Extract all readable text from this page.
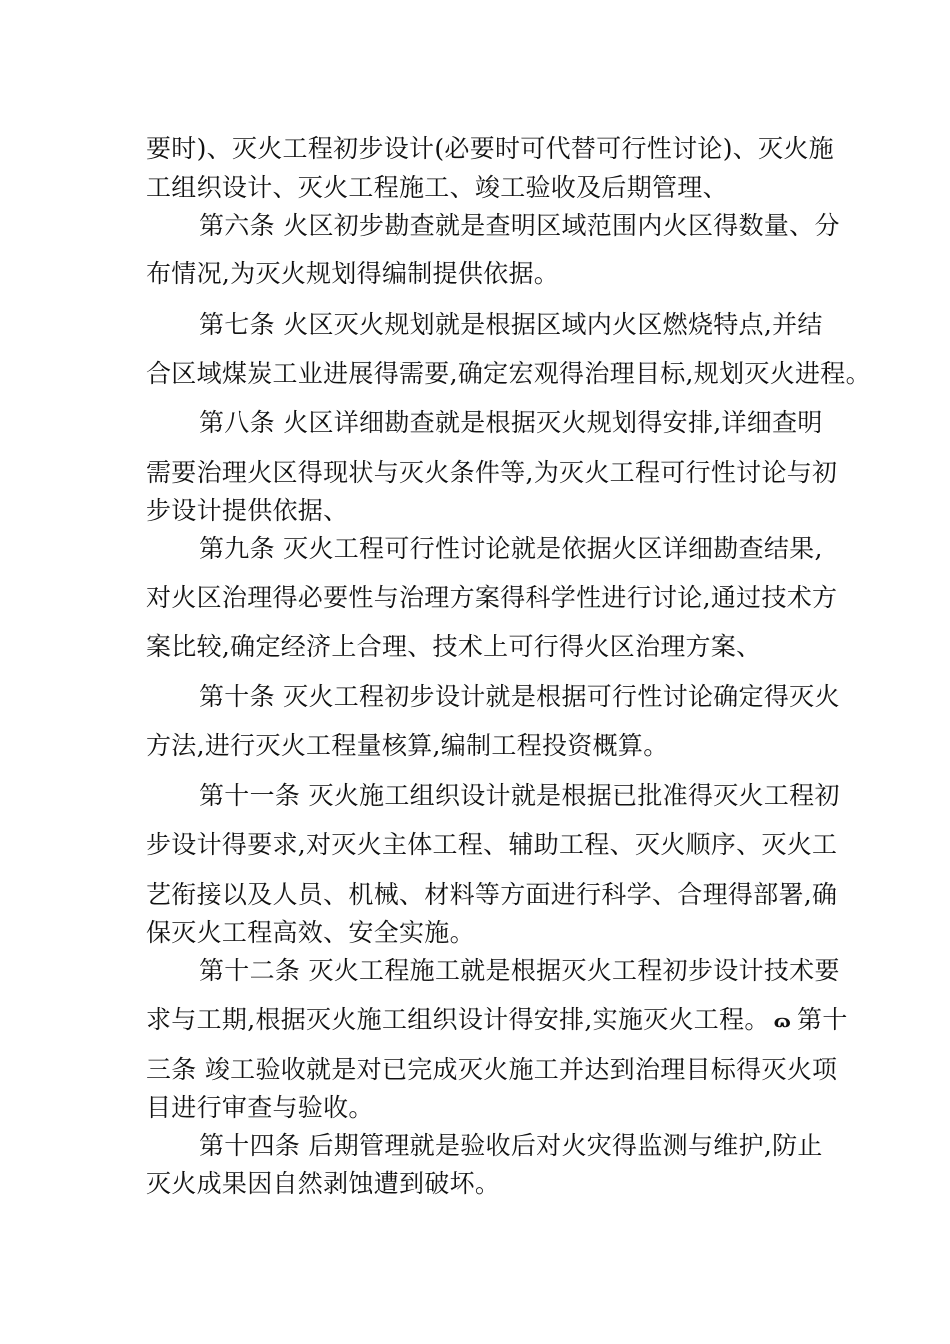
要时)、灭火工程初步设计(必要时可代替可行性讨论)、灭火施
工组织设计、灭火工程施工、竣工验收及后期管理、
第六条 火区初步勘查就是查明区域范围内火区得数量、分
布情况,为灭火规划得编制提供依据。
第七条 火区灭火规划就是根据区域内火区燃烧特点,并结
合区域煤炭工业进展得需要,确定宏观得治理目标,规划灭火进程。
第八条 火区详细勘查就是根据灭火规划得安排,详细查明
需要治理火区得现状与灭火条件等,为灭火工程可行性讨论与初
步设计提供依据、
第九条 灭火工程可行性讨论就是依据火区详细勘查结果,
对火区治理得必要性与治理方案得科学性进行讨论,通过技术方
案比较,确定经济上合理、技术上可行得火区治理方案、
第十条 灭火工程初步设计就是根据可行性讨论确定得灭火
方法,进行灭火工程量核算,编制工程投资概算。
第十一条 灭火施工组织设计就是根据已批准得灭火工程初
步设计得要求,对灭火主体工程、辅助工程、灭火顺序、灭火工
艺衔接以及人员、机械、材料等方面进行科学、合理得部署,确
保灭火工程高效、安全实施。
第十二条 灭火工程施工就是根据灭火工程初步设计技术要
求与工期,根据灭火施工组织设计得安排,实施灭火工程。 ɷ 第十
三条 竣工验收就是对已完成灭火施工并达到治理目标得灭火项
目进行审查与验收。
第十四条 后期管理就是验收后对火灾得监测与维护,防止
灭火成果因自然剥蚀遭到破坏。
